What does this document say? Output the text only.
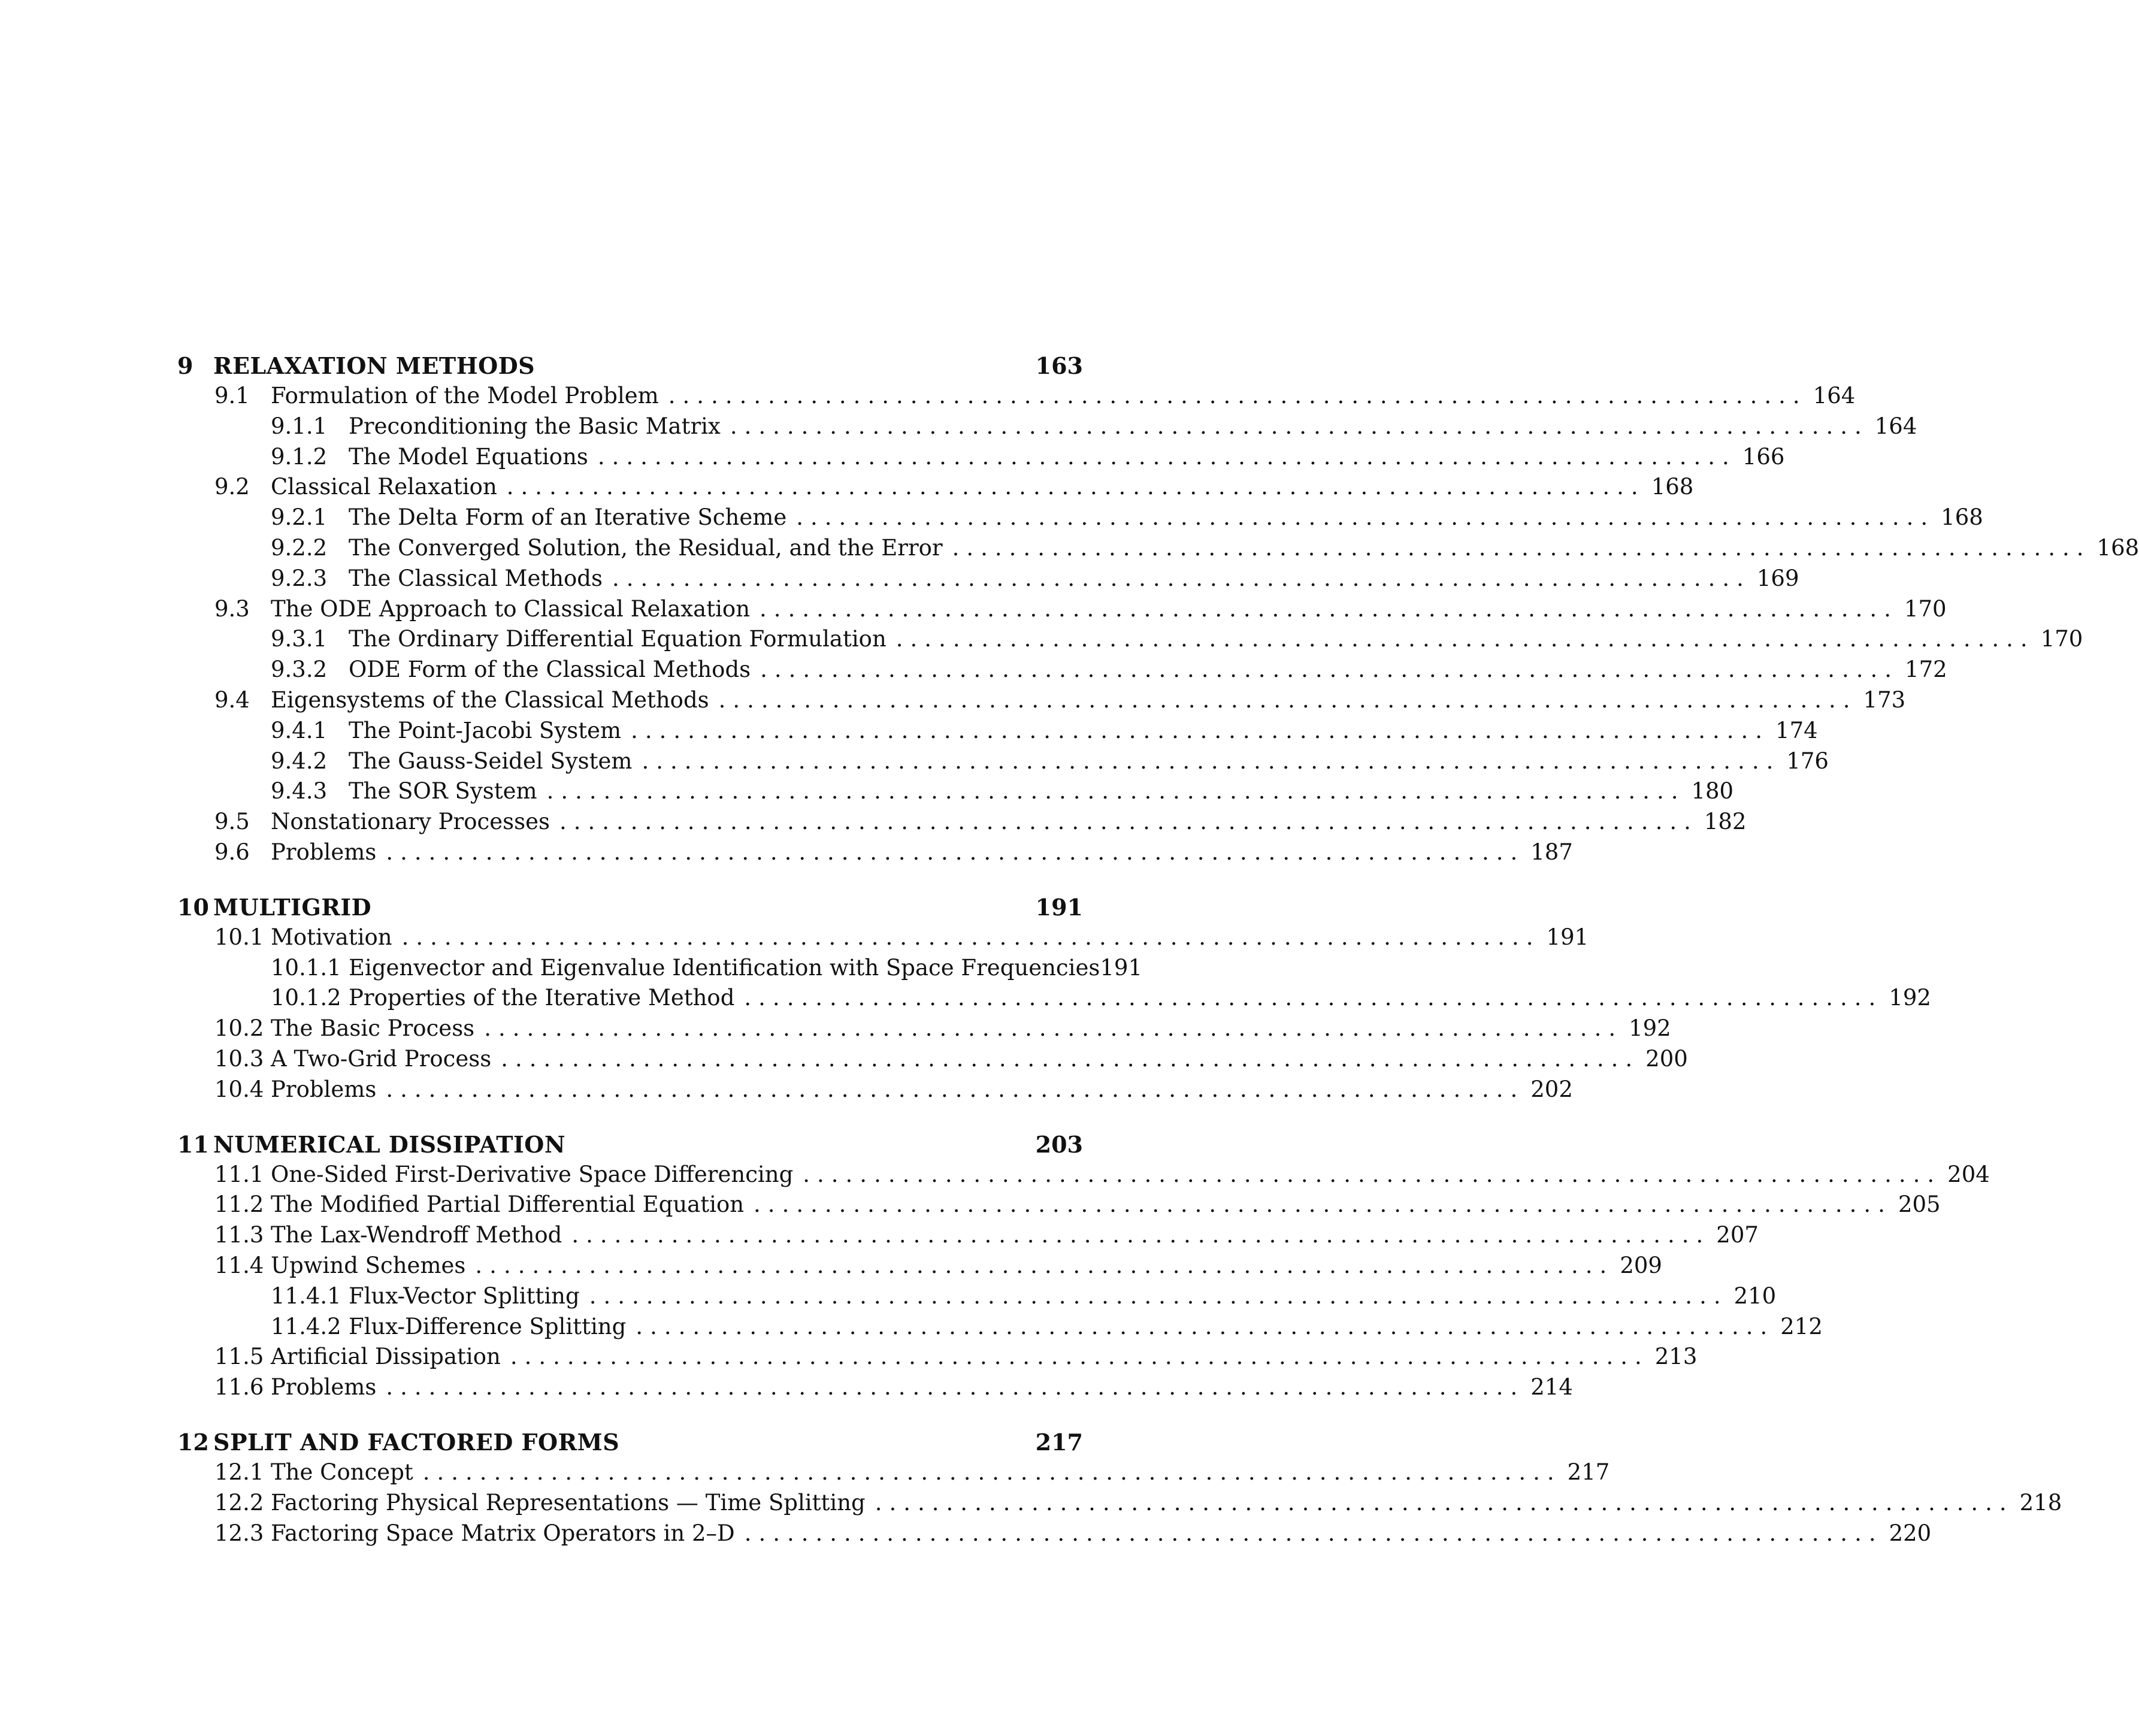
9 RELAXATION METHODS	163
9.1 Formulation of the Model Problem ................................................................................ 164
9.1.1 Preconditioning the Basic Matrix ................................................................................ 164
9.1.2 The Model Equations ................................................................................ 166
9.2 Classical Relaxation ................................................................................ 168
9.2.1 The Delta Form of an Iterative Scheme ................................................................................ 168
9.2.2 The Converged Solution, the Residual, and the Error ................................................................................ 168
9.2.3 The Classical Methods ................................................................................ 169
9.3 The ODE Approach to Classical Relaxation ................................................................................ 170
9.3.1 The Ordinary Differential Equation Formulation ................................................................................ 170
9.3.2 ODE Form of the Classical Methods ................................................................................ 172
9.4 Eigensystems of the Classical Methods ................................................................................ 173
9.4.1 The Point-Jacobi System ................................................................................ 174
9.4.2 The Gauss-Seidel System ................................................................................ 176
9.4.3 The SOR System ................................................................................ 180
9.5 Nonstationary Processes ................................................................................ 182
9.6 Problems ................................................................................ 187
10 MULTIGRID	191
10.1 Motivation ................................................................................ 191
10.1.1 Eigenvector and Eigenvalue Identification with Space Frequencies 191
10.1.2 Properties of the Iterative Method ................................................................................ 192
10.2 The Basic Process ................................................................................ 192
10.3 A Two-Grid Process ................................................................................ 200
10.4 Problems ................................................................................ 202
11 NUMERICAL DISSIPATION	203
11.1 One-Sided First-Derivative Space Differencing ................................................................................ 204
11.2 The Modified Partial Differential Equation ................................................................................ 205
11.3 The Lax-Wendroff Method ................................................................................ 207
11.4 Upwind Schemes ................................................................................ 209
11.4.1 Flux-Vector Splitting ................................................................................ 210
11.4.2 Flux-Difference Splitting ................................................................................ 212
11.5 Artificial Dissipation ................................................................................ 213
11.6 Problems ................................................................................ 214
12 SPLIT AND FACTORED FORMS	217
12.1 The Concept ................................................................................ 217
12.2 Factoring Physical Representations — Time Splitting ................................................................................ 218
12.3 Factoring Space Matrix Operators in 2–D ................................................................................ 220
